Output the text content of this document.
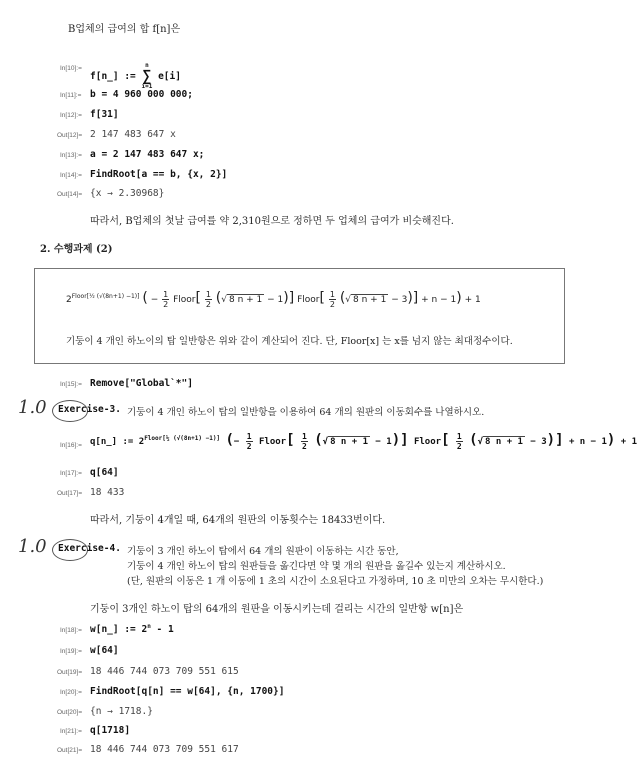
B업체의 급여의 합 f[n]은
In[10]:=
f[n_] :=
n
∑
i=1
e[i]
In[11]:= b = 4 960 000 000;
In[12]:= f[31]
Out[12]= 2 147 483 647 x
In[13]:= a = 2 147 483 647 x;
In[14]:= FindRoot[a == b, {x, 2}]
Out[14]= {x → 2.30968}
따라서, B업체의 첫날 급여를 약 2,310원으로 정하면 두 업체의 급여가 비슷해진다.
2. 수행과제 (2)
$2^{Floor[\frac{1}{2} (√(8n+1) -1)]}$ ( − $\frac{1}{2}$ Floor[ $\frac{1}{2}$ (√ 8 n + 1 − 1)] Floor[ $\frac{1}{2}$ (√ 8 n + 1 − 3)] + n − 1) + 1
기둥이 4 개인 하노이의 탑 일반항은 위와 같이 계산되어 진다. 단, Floor[x] 는 x를 넘지 않는 최대정수이다.
In[15]:= Remove["Global`*"]
1.0 Exercise-3. 기둥이 4 개인 하노이 탑의 일반항을 이용하여 64 개의 원판의 이동회수를 나열하시오.
In[16]:= q[n_] := $2^{Floor[\frac{1}{2} (√(8n+1) -1)]}$ (− $\frac{1}{2}$ Floor[ $\frac{1}{2}$ (√ 8 n + 1 − 1)] Floor[ $\frac{1}{2}$ (√ 8 n + 1 − 3)] + n − 1) + 1
In[17]:= q[64]
Out[17]= 18 433
따라서, 기둥이 4개일 때, 64개의 원판의 이동횟수는 18433번이다.
1.0 Exercise-4. 기둥이 3 개인 하노이 탑에서 64 개의 원판이 이동하는 시간 동안,
기둥이 4 개인 하노이 탑의 원판들을 옮긴다면 약 몇 개의 원판을 옮길수 있는지 계산하시오.
(단, 원판의 이동은 1 개 이동에 1 초의 시간이 소요된다고 가정하며, 10 초 미만의 오차는 무시한다.)
기둥이 3개인 하노이 탑의 64개의 원판을 이동시키는데 걸리는 시간의 일반항 w[n]은
In[18]:= w[n_] := $2^n - 1$
In[19]:= w[64]
Out[19]= 18 446 744 073 709 551 615
In[20]:= FindRoot[q[n] == w[64], {n, 1700}]
Out[20]= {n → 1718.}
In[21]:= q[1718]
Out[21]= 18 446 744 073 709 551 617
